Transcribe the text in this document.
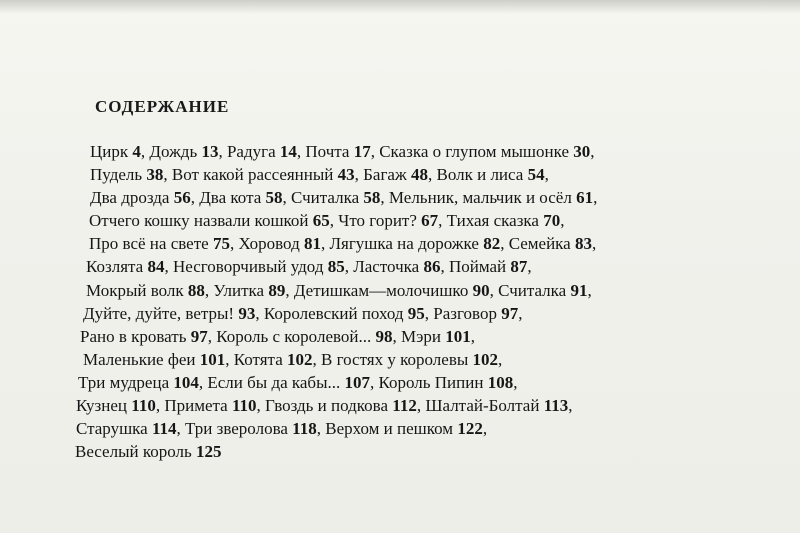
СОДЕРЖАНИЕ
Цирк 4, Дождь 13, Радуга 14, Почта 17, Сказка о глупом мышонке 30,
Пудель 38, Вот какой рассеянный 43, Багаж 48, Волк и лиса 54,
Два дрозда 56, Два кота 58, Считалка 58, Мельник, мальчик и осёл 61,
Отчего кошку назвали кошкой 65, Что горит? 67, Тихая сказка 70,
Про всё на свете 75, Хоровод 81, Лягушка на дорожке 82, Семейка 83,
Козлята 84, Несговорчивый удод 85, Ласточка 86, Поймай 87,
Мокрый волк 88, Улитка 89, Детишкам—молочишко 90, Считалка 91,
Дуйте, дуйте, ветры! 93, Королевский поход 95, Разговор 97,
Рано в кровать 97, Король с королевой... 98, Мэри 101,
Маленькие феи 101, Котята 102, В гостях у королевы 102,
Три мудреца 104, Если бы да кабы... 107, Король Пипин 108,
Кузнец 110, Примета 110, Гвоздь и подкова 112, Шалтай-Болтай 113,
Старушка 114, Три зверолова 118, Верхом и пешком 122,
Веселый король 125
